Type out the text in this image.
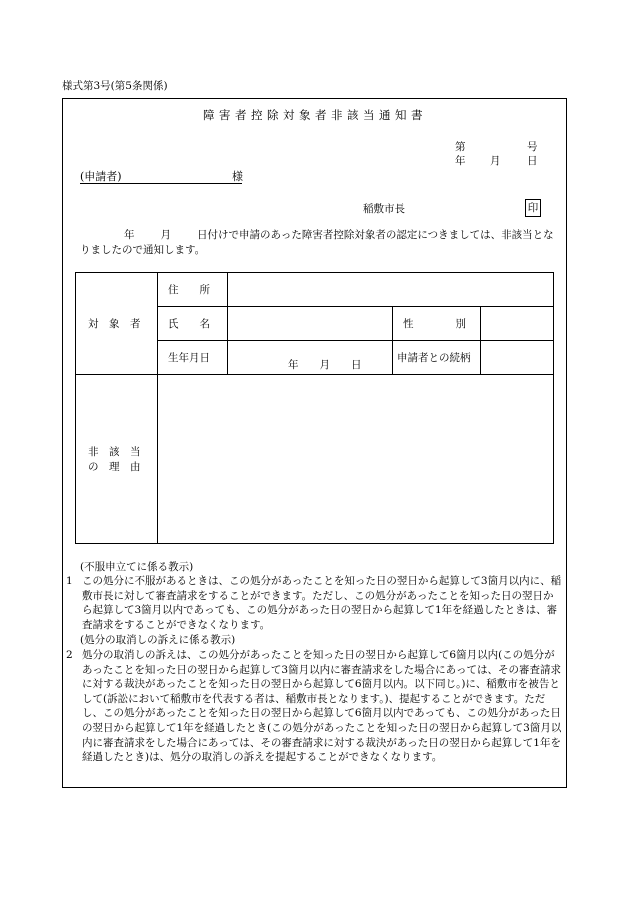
様式第3号(第5条関係)
障害者控除対象者非該当通知書
第	号
年 月	日
(申請者)	様
稲敷市長	印
年 月 日付けで申請のあった障害者控除対象者の認定につきましては、非該当となりましたので通知します。
対　象　者	住　　所			
	氏　　名		性　　　　別	
	生年月日	年　　月　　日	申請者との続柄	

非　該　当
の　理　由				

(不服申立てに係る教示)
1 この処分に不服があるときは、この処分があったことを知った日の翌日から起算して3箇月以内に、稲敷市長に対して審査請求をすることができます。ただし、この処分があったことを知った日の翌日から起算して3箇月以内であっても、この処分があった日の翌日から起算して1年を経過したときは、審査請求をすることができなくなります。
(処分の取消しの訴えに係る教示)
2 処分の取消しの訴えは、この処分があったことを知った日の翌日から起算して6箇月以内(この処分があったことを知った日の翌日から起算して3箇月以内に審査請求をした場合にあっては、その審査請求に対する裁決があったことを知った日の翌日から起算して6箇月以内。以下同じ。)に、稲敷市を被告として(訴訟において稲敷市を代表する者は、稲敷市長となります。)、提起することができます。ただし、この処分があったことを知った日の翌日から起算して6箇月以内であっても、この処分があった日の翌日から起算して1年を経過したとき(この処分があったことを知った日の翌日から起算して3箇月以内に審査請求をした場合にあっては、その審査請求に対する裁決があった日の翌日から起算して1年を経過したとき)は、処分の取消しの訴えを提起することができなくなります。
